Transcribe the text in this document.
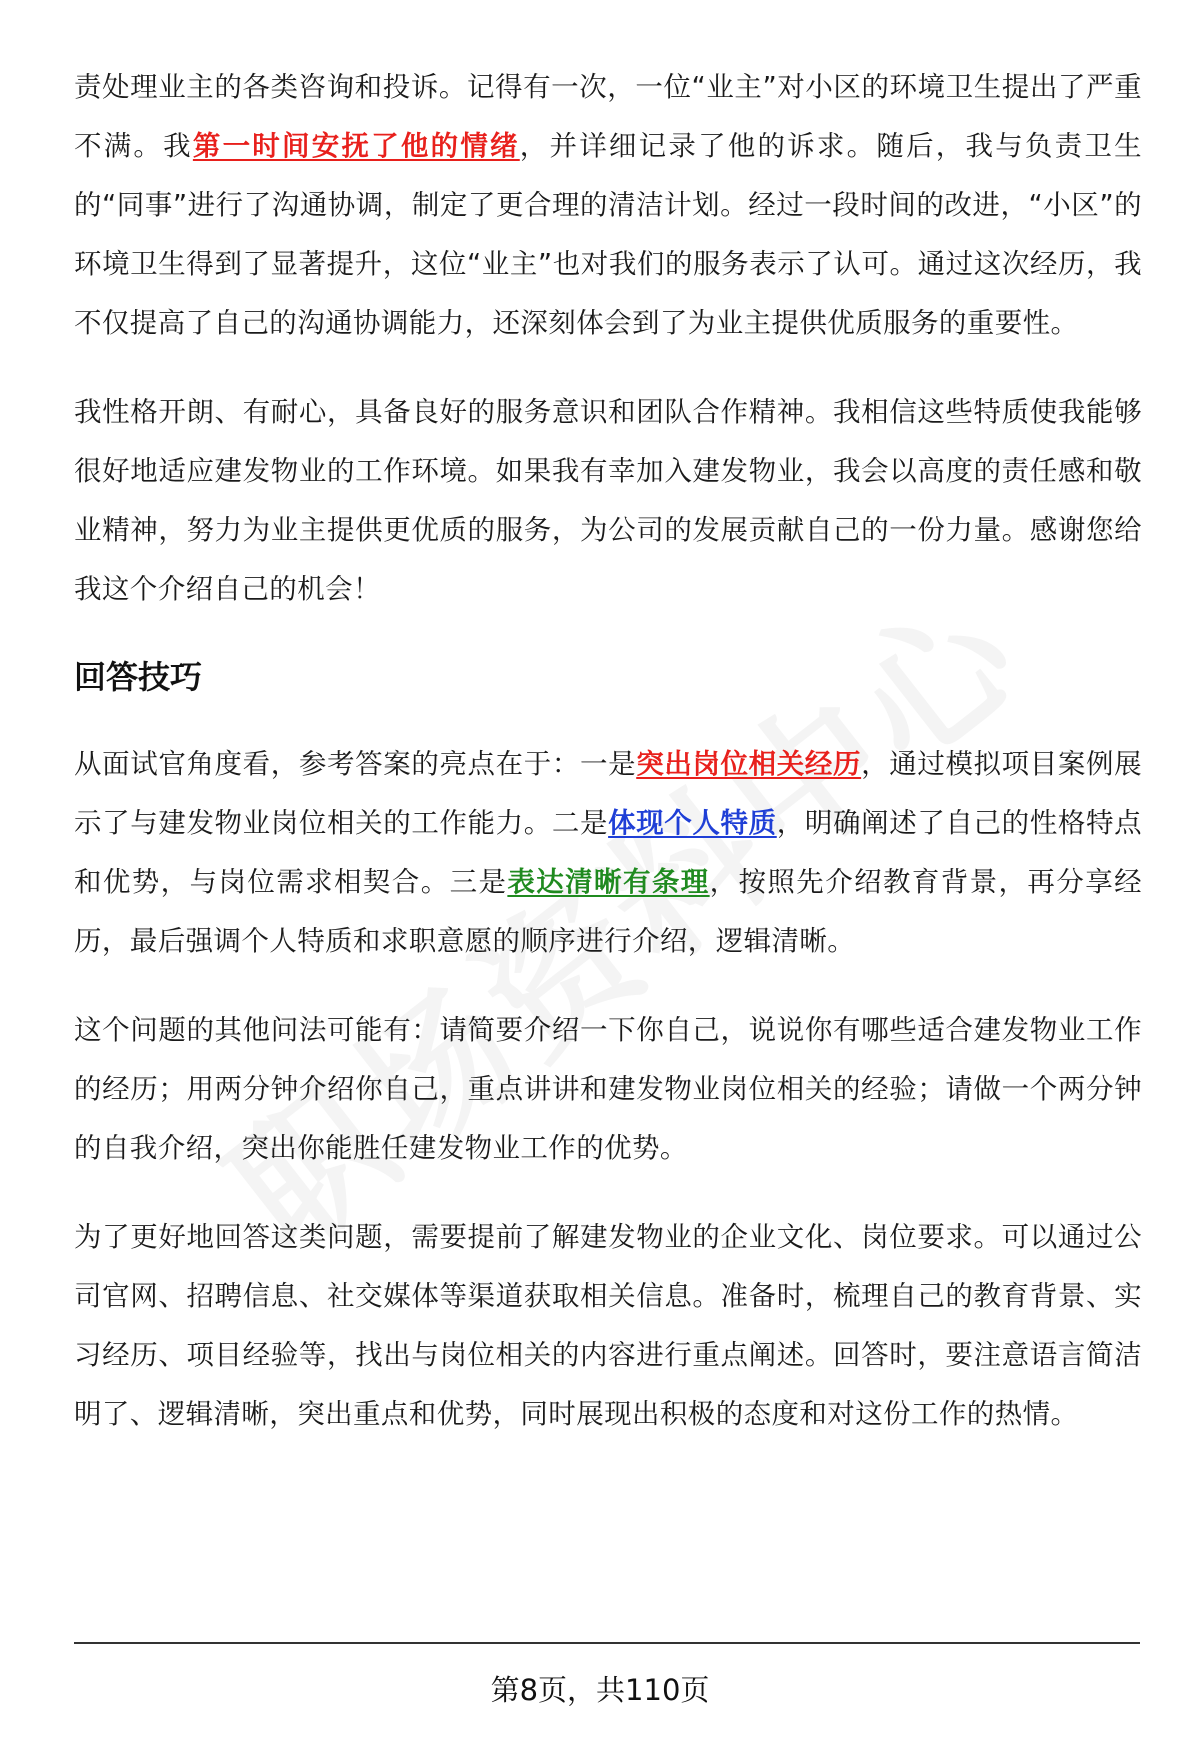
责处理业主的各类咨询和投诉。记得有一次，一位“业主”对小区的环境卫生提出了严重不满。我第一时间安抚了他的情绪，并详细记录了他的诉求。随后，我与负责卫生的“同事”进行了沟通协调，制定了更合理的清洁计划。经过一段时间的改进，“小区”的环境卫生得到了显著提升，这位“业主”也对我们的服务表示了认可。通过这次经历，我不仅提高了自己的沟通协调能力，还深刻体会到了为业主提供优质服务的重要性。

我性格开朗、有耐心，具备良好的服务意识和团队合作精神。我相信这些特质使我能够很好地适应建发物业的工作环境。如果我有幸加入建发物业，我会以高度的责任感和敬业精神，努力为业主提供更优质的服务，为公司的发展贡献自己的一份力量。感谢您给我这个介绍自己的机会！

回答技巧

从面试官角度看，参考答案的亮点在于：一是突出岗位相关经历，通过模拟项目案例展示了与建发物业岗位相关的工作能力。二是体现个人特质，明确阐述了自己的性格特点和优势，与岗位需求相契合。三是表达清晰有条理，按照先介绍教育背景，再分享经历，最后强调个人特质和求职意愿的顺序进行介绍，逻辑清晰。

这个问题的其他问法可能有：请简要介绍一下你自己，说说你有哪些适合建发物业工作的经历；用两分钟介绍你自己，重点讲讲和建发物业岗位相关的经验；请做一个两分钟的自我介绍，突出你能胜任建发物业工作的优势。

为了更好地回答这类问题，需要提前了解建发物业的企业文化、岗位要求。可以通过公司官网、招聘信息、社交媒体等渠道获取相关信息。准备时，梳理自己的教育背景、实习经历、项目经验等，找出与岗位相关的内容进行重点阐述。回答时，要注意语言简洁明了、逻辑清晰，突出重点和优势，同时展现出积极的态度和对这份工作的热情。

第8页，共110页
